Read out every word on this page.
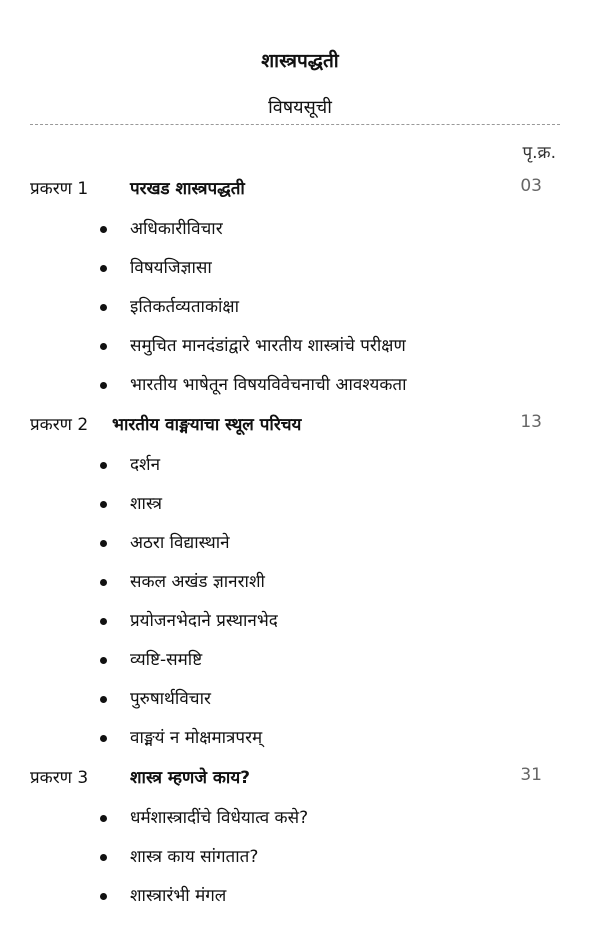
शास्त्रपद्धती
विषयसूची
पृ.क्र.
प्रकरण 1 परखड शास्त्रपद्धती	03
अधिकारीविचार
विषयजिज्ञासा
इतिकर्तव्यताकांक्षा
समुचित मानदंडांद्वारे भारतीय शास्त्रांचे परीक्षण
भारतीय भाषेतून विषयविवेचनाची आवश्यकता
प्रकरण 2 भारतीय वाङ्मयाचा स्थूल परिचय	13
दर्शन
शास्त्र
अठरा विद्यास्थाने
सकल अखंड ज्ञानराशी
प्रयोजनभेदाने प्रस्थानभेद
व्यष्टि-समष्टि
पुरुषार्थविचार
वाङ्मयं न मोक्षमात्रपरम्
प्रकरण 3 शास्त्र म्हणजे काय?	31
धर्मशास्त्रादींचे विधेयात्व कसे?
शास्त्र काय सांगतात?
शास्त्रारंभी मंगल
